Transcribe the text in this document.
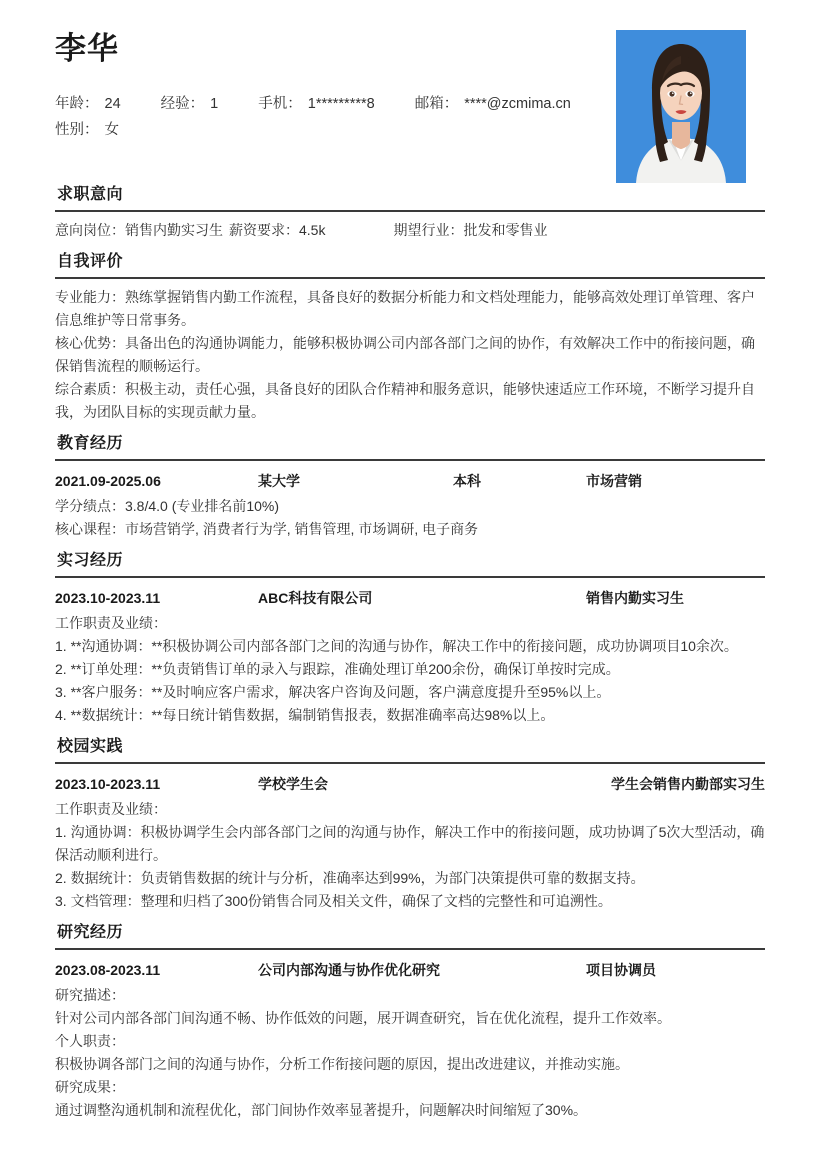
李华
年龄： 24	经验： 1	手机： 1*********8	邮箱： ****@zcmima.cn
性别： 女
求职意向

意向岗位：销售内勤实习生 薪资要求：4.5k	期望行业：批发和零售业

自我评价

专业能力：熟练掌握销售内勤工作流程，具备良好的数据分析能力和文档处理能力，能够高效处理订单管理、客户信息维护等日常事务。

核心优势：具备出色的沟通协调能力，能够积极协调公司内部各部门之间的协作，有效解决工作中的衔接问题，确保销售流程的顺畅运行。

综合素质：积极主动，责任心强，具备良好的团队合作精神和服务意识，能够快速适应工作环境，不断学习提升自我，为团队目标的实现贡献力量。

教育经历
2021.09-2025.06	某大学	本科	市场营销

学分绩点：3.8/4.0 (专业排名前10%)

核心课程：市场营销学, 消费者行为学, 销售管理, 市场调研, 电子商务

实习经历
2023.10-2023.11	ABC科技有限公司	销售内勤实习生

工作职责及业绩：

1. **沟通协调：**积极协调公司内部各部门之间的沟通与协作，解决工作中的衔接问题，成功协调项目10余次。

2. **订单处理：**负责销售订单的录入与跟踪，准确处理订单200余份，确保订单按时完成。

3. **客户服务：**及时响应客户需求，解决客户咨询及问题，客户满意度提升至95%以上。

4. **数据统计：**每日统计销售数据，编制销售报表，数据准确率高达98%以上。

校园实践
2023.10-2023.11	学校学生会	学生会销售内勤部实习生

工作职责及业绩：

1. 沟通协调：积极协调学生会内部各部门之间的沟通与协作，解决工作中的衔接问题，成功协调了5次大型活动，确保活动顺利进行。

2. 数据统计：负责销售数据的统计与分析，准确率达到99%，为部门决策提供可靠的数据支持。

3. 文档管理：整理和归档了300份销售合同及相关文件，确保了文档的完整性和可追溯性。

研究经历
2023.08-2023.11	公司内部沟通与协作优化研究	项目协调员

研究描述：

针对公司内部各部门间沟通不畅、协作低效的问题，展开调查研究，旨在优化流程，提升工作效率。

个人职责：

积极协调各部门之间的沟通与协作，分析工作衔接问题的原因，提出改进建议，并推动实施。

研究成果：

通过调整沟通机制和流程优化，部门间协作效率显著提升，问题解决时间缩短了30%。
